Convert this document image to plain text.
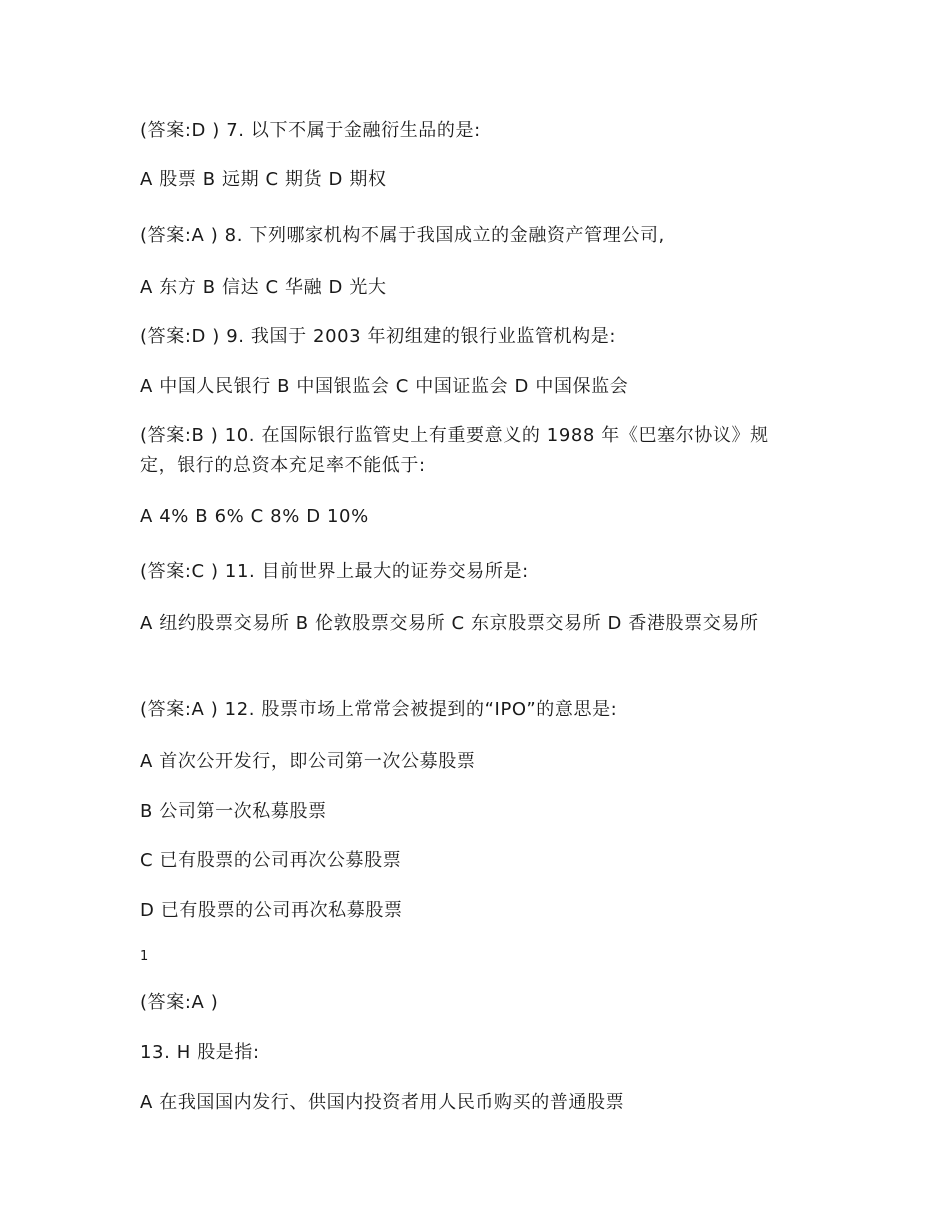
(答案:D ) 7. 以下不属于金融衍生品的是:
A 股票 B 远期 C 期货 D 期权
(答案:A ) 8. 下列哪家机构不属于我国成立的金融资产管理公司,
A 东方 B 信达 C 华融 D 光大
(答案:D ) 9. 我国于 2003 年初组建的银行业监管机构是:
A 中国人民银行 B 中国银监会 C 中国证监会 D 中国保监会
(答案:B ) 10. 在国际银行监管史上有重要意义的 1988 年《巴塞尔协议》规定，银行的总资本充足率不能低于:
A 4% B 6% C 8% D 10%
(答案:C ) 11. 目前世界上最大的证券交易所是:
A 纽约股票交易所 B 伦敦股票交易所 C 东京股票交易所 D 香港股票交易所
(答案:A ) 12. 股票市场上常常会被提到的“IPO”的意思是:
A 首次公开发行，即公司第一次公募股票
B 公司第一次私募股票
C 已有股票的公司再次公募股票
D 已有股票的公司再次私募股票
1
(答案:A )
13. H 股是指:
A 在我国国内发行、供国内投资者用人民币购买的普通股票
